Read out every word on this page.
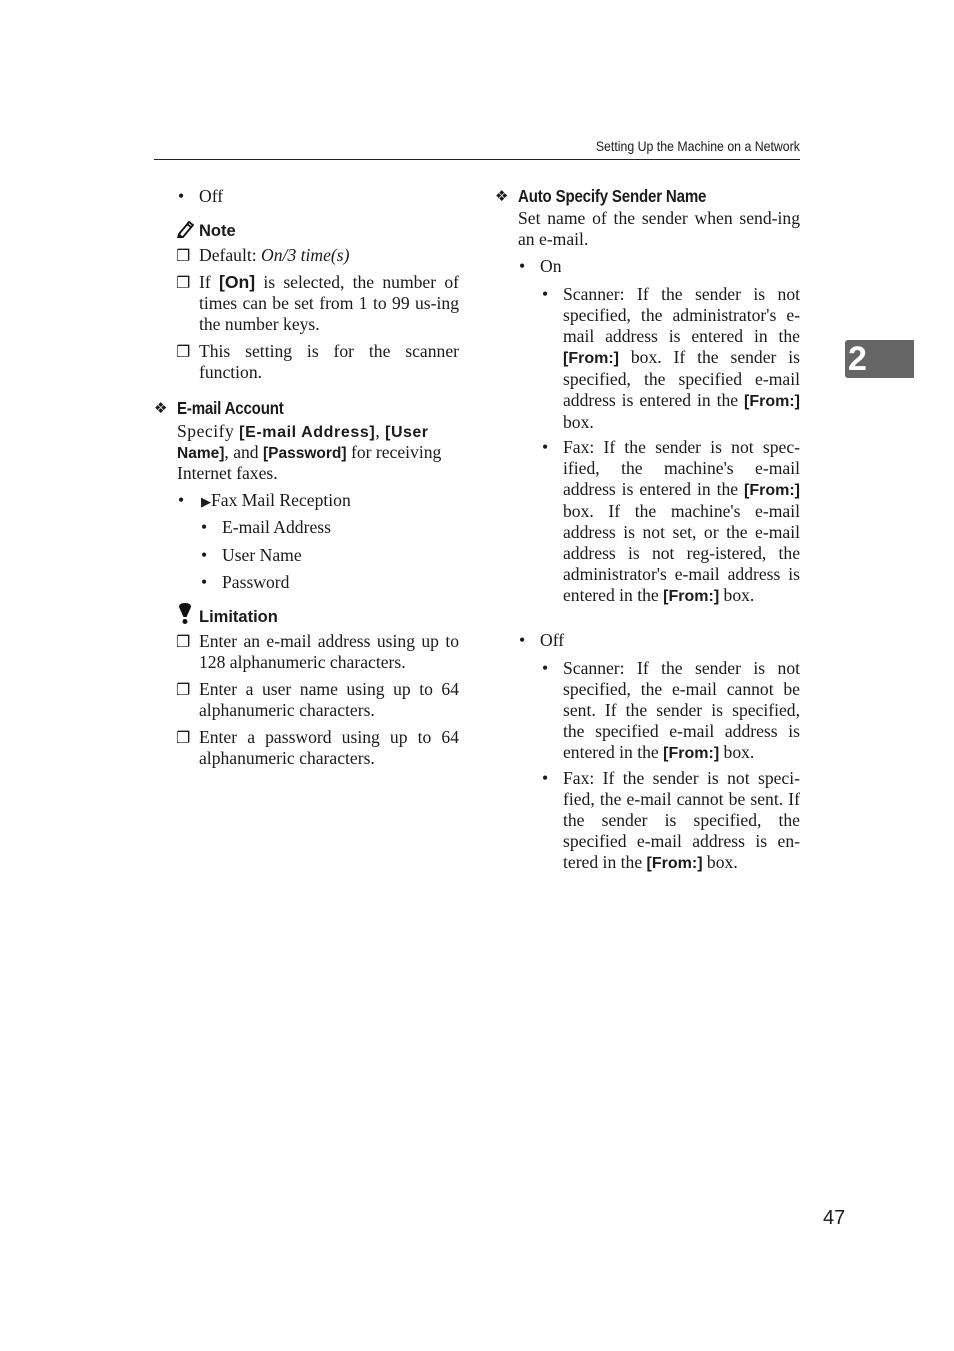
Setting Up the Machine on a Network
2
• Off
Note
❐ Default: On/3 time(s)
❐ If [On] is selected, the number of times can be set from 1 to 99 us-ing the number keys.
❐ This setting is for the scanner function.
❖ E-mail Account
Specify [E-mail Address], [User
Name], and [Password] for receiving
Internet faxes.
• ▶Fax Mail Reception
• E-mail Address
• User Name
• Password
Limitation
❐ Enter an e-mail address using up to 128 alphanumeric characters.
❐ Enter a user name using up to 64 alphanumeric characters.
❐ Enter a password using up to 64 alphanumeric characters.
❖ Auto Specify Sender Name
Set name of the sender when send-ing an e-mail.
• On
• Scanner: If the sender is not specified, the administrator's e-mail address is entered in the [From:] box. If the sender is specified, the specified e-mail address is entered in the [From:] box.
• Fax: If the sender is not spec-ified, the machine's e-mail address is entered in the [From:] box. If the machine's e-mail address is not set, or the e-mail address is not reg-istered, the administrator's e-mail address is entered in the [From:] box.
• Off
• Scanner: If the sender is not specified, the e-mail cannot be sent. If the sender is specified, the specified e-mail address is entered in the [From:] box.
• Fax: If the sender is not speci-fied, the e-mail cannot be sent. If the sender is specified, the specified e-mail address is en-tered in the [From:] box.
47
